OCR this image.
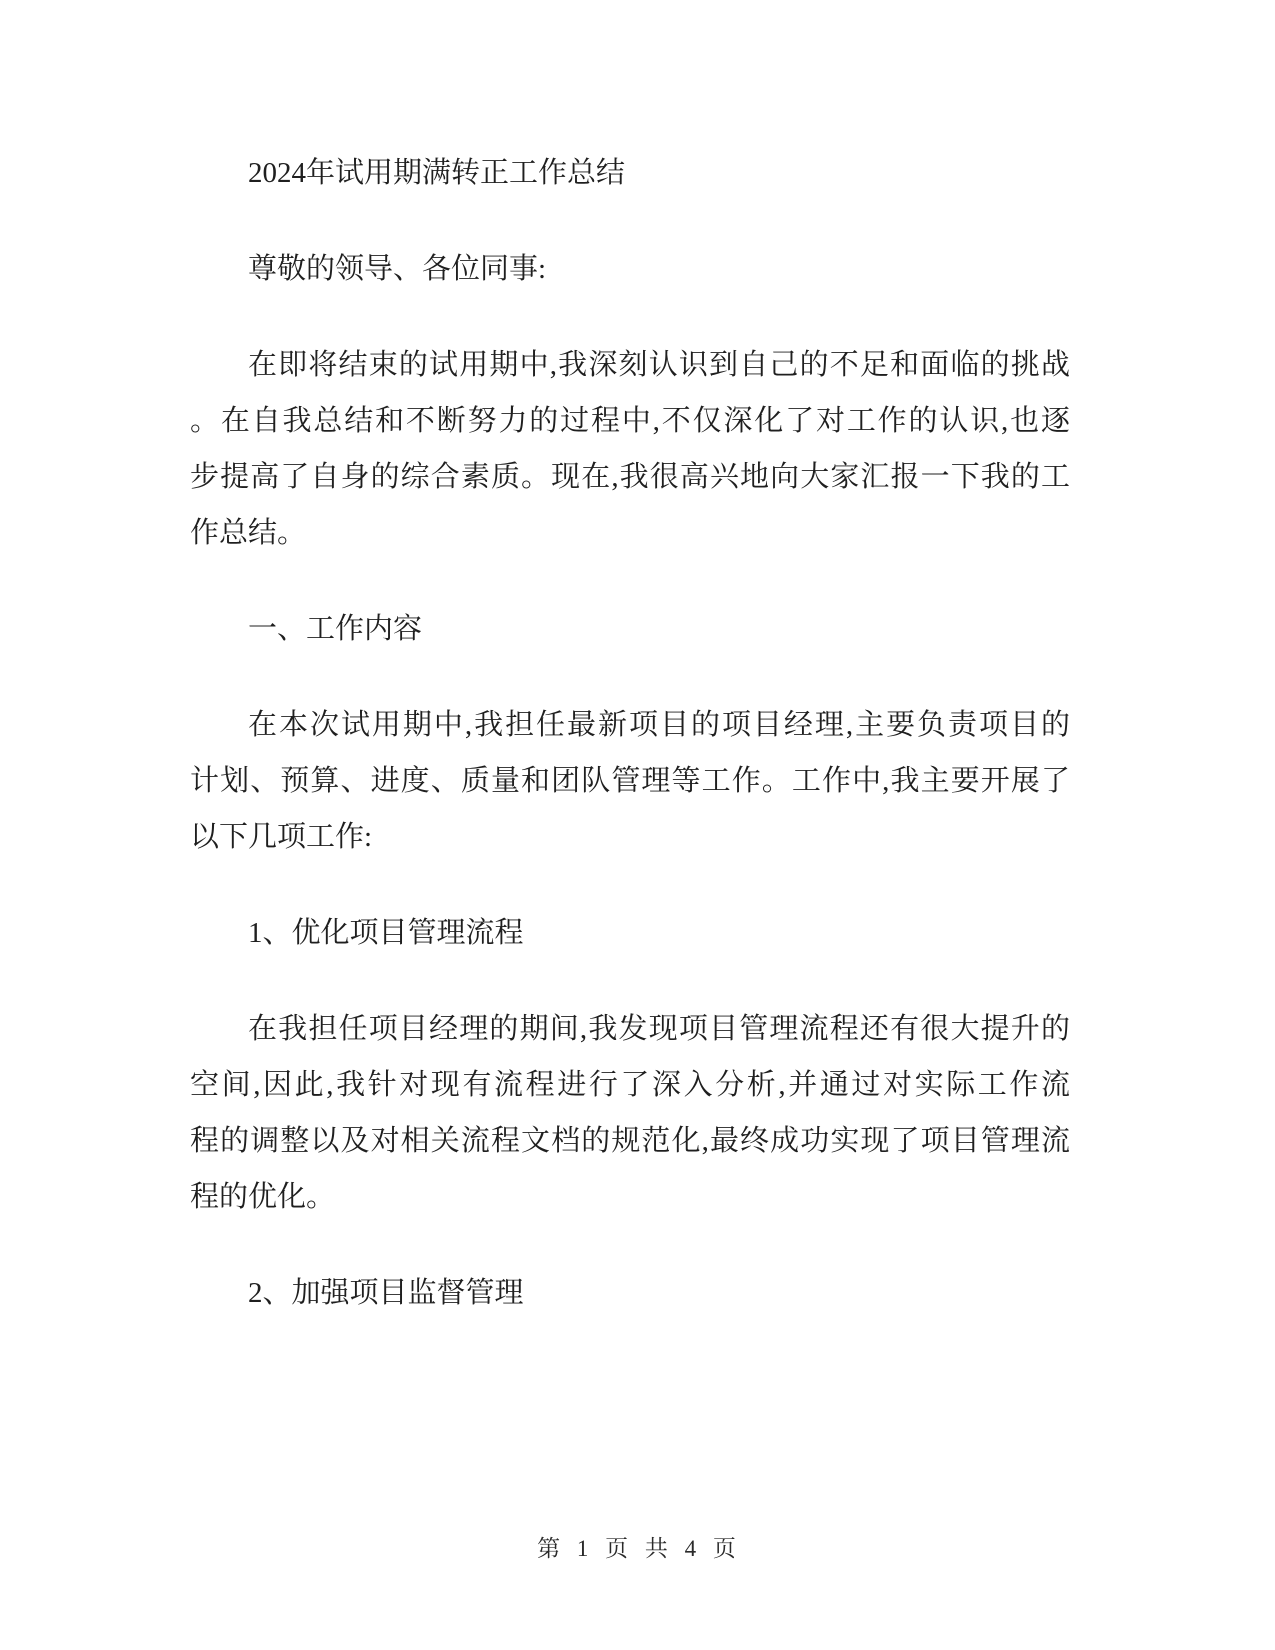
2024年试用期满转正工作总结
尊敬的领导、各位同事:
在即将结束的试用期中,我深刻认识到自己的不足和面临的挑战
。在自我总结和不断努力的过程中,不仅深化了对工作的认识,也逐
步提高了自身的综合素质。现在,我很高兴地向大家汇报一下我的工
作总结。
一、工作内容
在本次试用期中,我担任最新项目的项目经理,主要负责项目的
计划、预算、进度、质量和团队管理等工作。工作中,我主要开展了
以下几项工作:
1、优化项目管理流程
在我担任项目经理的期间,我发现项目管理流程还有很大提升的
空间,因此,我针对现有流程进行了深入分析,并通过对实际工作流
程的调整以及对相关流程文档的规范化,最终成功实现了项目管理流
程的优化。
2、加强项目监督管理
第 1 页 共 4 页
